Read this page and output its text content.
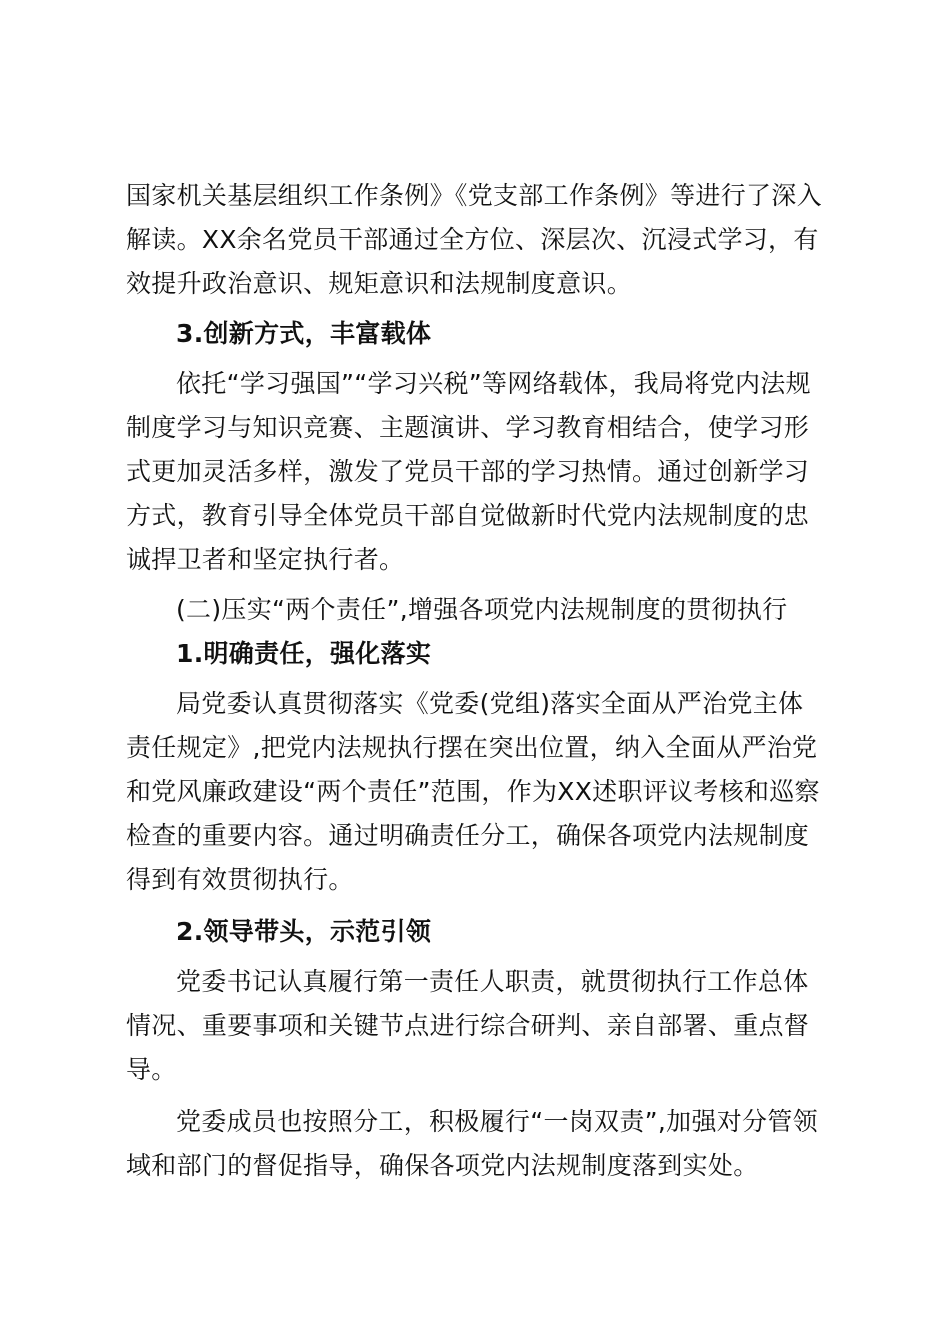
国家机关基层组织工作条例》《党支部工作条例》等进行了深入解读。XX余名党员干部通过全方位、深层次、沉浸式学习，有效提升政治意识、规矩意识和法规制度意识。

3.创新方式，丰富载体

依托“学习强国”“学习兴税”等网络载体，我局将党内法规制度学习与知识竞赛、主题演讲、学习教育相结合，使学习形式更加灵活多样，激发了党员干部的学习热情。通过创新学习方式，教育引导全体党员干部自觉做新时代党内法规制度的忠诚捍卫者和坚定执行者。

(二)压实“两个责任”,增强各项党内法规制度的贯彻执行

1.明确责任，强化落实

局党委认真贯彻落实《党委(党组)落实全面从严治党主体责任规定》,把党内法规执行摆在突出位置，纳入全面从严治党和党风廉政建设“两个责任”范围，作为XX述职评议考核和巡察检查的重要内容。通过明确责任分工，确保各项党内法规制度得到有效贯彻执行。

2.领导带头，示范引领

党委书记认真履行第一责任人职责，就贯彻执行工作总体情况、重要事项和关键节点进行综合研判、亲自部署、重点督导。

党委成员也按照分工，积极履行“一岗双责”,加强对分管领域和部门的督促指导，确保各项党内法规制度落到实处。
